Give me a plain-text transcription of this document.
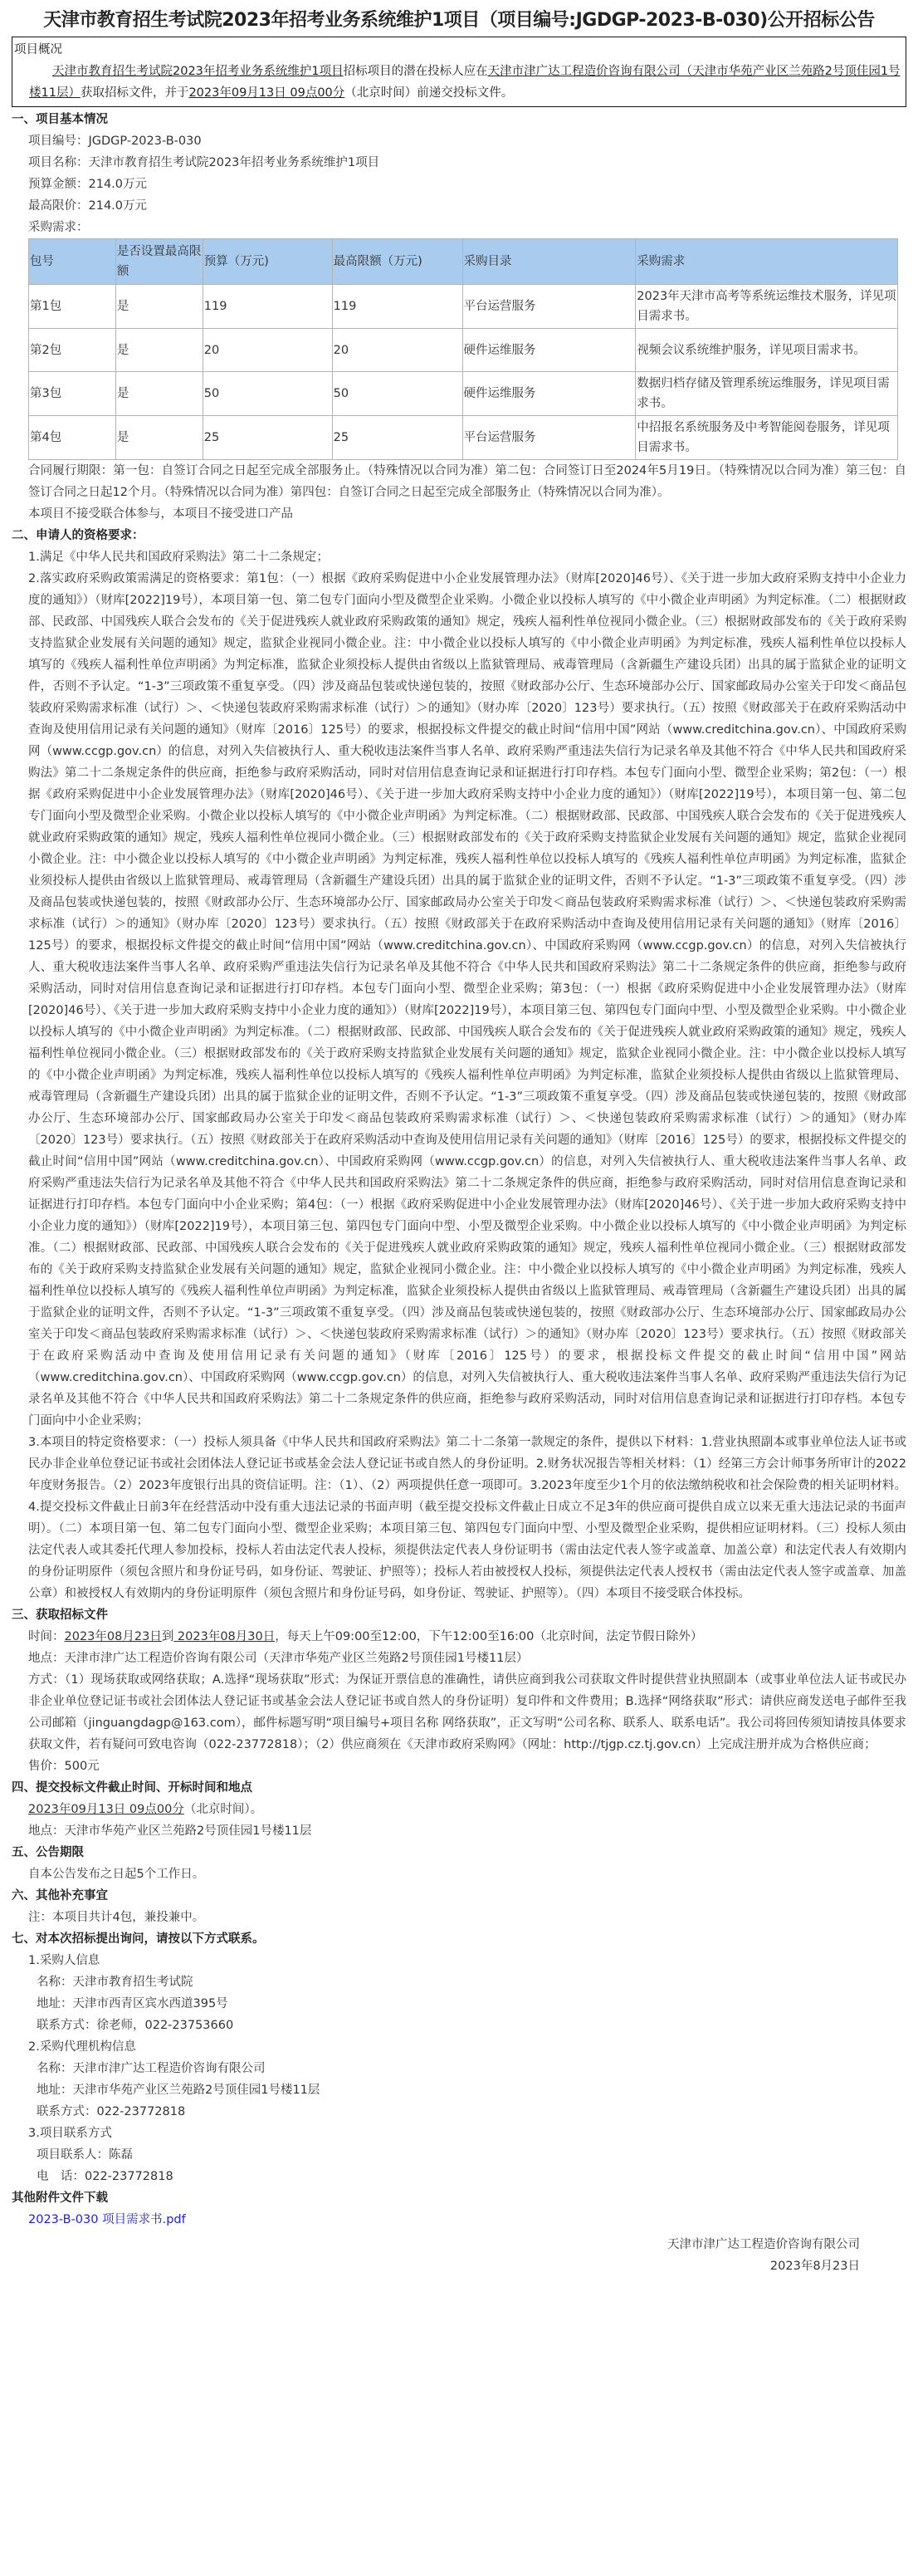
天津市教育招生考试院2023年招考业务系统维护1项目（项目编号:JGDGP-2023-B-030)公开招标公告
项目概况
天津市教育招生考试院2023年招考业务系统维护1项目招标项目的潜在投标人应在天津市津广达工程造价咨询有限公司（天津市华苑产业区兰苑路2号顶佳园1号楼11层）获取招标文件，并于2023年09月13日 09点00分（北京时间）前递交投标文件。
一、项目基本情况
项目编号：JGDGP-2023-B-030
项目名称：天津市教育招生考试院2023年招考业务系统维护1项目
预算金额：214.0万元
最高限价：214.0万元
采购需求：
包号	是否设置最高限额	预算（万元)	最高限额（万元)	采购目录	采购需求
第1包	是	119	119	平台运营服务	2023年天津市高考等系统运维技术服务，详见项目需求书。
第2包	是	20	20	硬件运维服务	视频会议系统维护服务，详见项目需求书。
第3包	是	50	50	硬件运维服务	数据归档存储及管理系统运维服务，详见项目需求书。
第4包	是	25	25	平台运营服务	中招报名系统服务及中考智能阅卷服务，详见项目需求书。
合同履行期限：第一包：自签订合同之日起至完成全部服务止。（特殊情况以合同为准）第二包：合同签订日至2024年5月19日。（特殊情况以合同为准）第三包：自签订合同之日起12个月。（特殊情况以合同为准）第四包：自签订合同之日起至完成全部服务止（特殊情况以合同为准）。
本项目不接受联合体参与，本项目不接受进口产品
二、申请人的资格要求：
1.满足《中华人民共和国政府采购法》第二十二条规定；
2.落实政府采购政策需满足的资格要求：第1包：（一）根据《政府采购促进中小企业发展管理办法》（财库[2020]46号）、《关于进一步加大政府采购支持中小企业力度的通知》）（财库[2022]19号），本项目第一包、第二包专门面向小型及微型企业采购。小微企业以投标人填写的《中小微企业声明函》为判定标准。（二）根据财政部、民政部、中国残疾人联合会发布的《关于促进残疾人就业政府采购政策的通知》规定，残疾人福利性单位视同小微企业。（三）根据财政部发布的《关于政府采购支持监狱企业发展有关问题的通知》规定，监狱企业视同小微企业。注：中小微企业以投标人填写的《中小微企业声明函》为判定标准，残疾人福利性单位以投标人填写的《残疾人福利性单位声明函》为判定标准，监狱企业须投标人提供由省级以上监狱管理局、戒毒管理局（含新疆生产建设兵团）出具的属于监狱企业的证明文件，否则不予认定。“1-3”三项政策不重复享受。（四）涉及商品包装或快递包装的，按照《财政部办公厅、生态环境部办公厅、国家邮政局办公室关于印发＜商品包装政府采购需求标准（试行）＞、＜快递包装政府采购需求标准（试行）＞的通知》（财办库〔2020〕123号）要求执行。（五）按照《财政部关于在政府采购活动中查询及使用信用记录有关问题的通知》（财库〔2016〕125号）的要求，根据投标文件提交的截止时间“信用中国”网站（www.creditchina.gov.cn）、中国政府采购网（www.ccgp.gov.cn）的信息，对列入失信被执行人、重大税收违法案件当事人名单、政府采购严重违法失信行为记录名单及其他不符合《中华人民共和国政府采购法》第二十二条规定条件的供应商，拒绝参与政府采购活动，同时对信用信息查询记录和证据进行打印存档。本包专门面向小型、微型企业采购；第2包：（一）根据《政府采购促进中小企业发展管理办法》（财库[2020]46号）、《关于进一步加大政府采购支持中小企业力度的通知》）（财库[2022]19号），本项目第一包、第二包专门面向小型及微型企业采购。小微企业以投标人填写的《中小微企业声明函》为判定标准。（二）根据财政部、民政部、中国残疾人联合会发布的《关于促进残疾人就业政府采购政策的通知》规定，残疾人福利性单位视同小微企业。（三）根据财政部发布的《关于政府采购支持监狱企业发展有关问题的通知》规定，监狱企业视同小微企业。注：中小微企业以投标人填写的《中小微企业声明函》为判定标准，残疾人福利性单位以投标人填写的《残疾人福利性单位声明函》为判定标准，监狱企业须投标人提供由省级以上监狱管理局、戒毒管理局（含新疆生产建设兵团）出具的属于监狱企业的证明文件，否则不予认定。“1-3”三项政策不重复享受。（四）涉及商品包装或快递包装的，按照《财政部办公厅、生态环境部办公厅、国家邮政局办公室关于印发＜商品包装政府采购需求标准（试行）＞、＜快递包装政府采购需求标准（试行）＞的通知》（财办库〔2020〕123号）要求执行。（五）按照《财政部关于在政府采购活动中查询及使用信用记录有关问题的通知》（财库〔2016〕125号）的要求，根据投标文件提交的截止时间“信用中国”网站（www.creditchina.gov.cn）、中国政府采购网（www.ccgp.gov.cn）的信息，对列入失信被执行人、重大税收违法案件当事人名单、政府采购严重违法失信行为记录名单及其他不符合《中华人民共和国政府采购法》第二十二条规定条件的供应商，拒绝参与政府采购活动，同时对信用信息查询记录和证据进行打印存档。本包专门面向小型、微型企业采购；第3包：（一）根据《政府采购促进中小企业发展管理办法》（财库[2020]46号）、《关于进一步加大政府采购支持中小企业力度的通知》）（财库[2022]19号），本项目第三包、第四包专门面向中型、小型及微型企业采购。中小微企业以投标人填写的《中小微企业声明函》为判定标准。（二）根据财政部、民政部、中国残疾人联合会发布的《关于促进残疾人就业政府采购政策的通知》规定，残疾人福利性单位视同小微企业。（三）根据财政部发布的《关于政府采购支持监狱企业发展有关问题的通知》规定，监狱企业视同小微企业。注：中小微企业以投标人填写的《中小微企业声明函》为判定标准，残疾人福利性单位以投标人填写的《残疾人福利性单位声明函》为判定标准，监狱企业须投标人提供由省级以上监狱管理局、戒毒管理局（含新疆生产建设兵团）出具的属于监狱企业的证明文件，否则不予认定。“1-3”三项政策不重复享受。（四）涉及商品包装或快递包装的，按照《财政部办公厅、生态环境部办公厅、国家邮政局办公室关于印发＜商品包装政府采购需求标准（试行）＞、＜快递包装政府采购需求标准（试行）＞的通知》（财办库〔2020〕123号）要求执行。（五）按照《财政部关于在政府采购活动中查询及使用信用记录有关问题的通知》（财库〔2016〕125号）的要求，根据投标文件提交的截止时间“信用中国”网站（www.creditchina.gov.cn）、中国政府采购网（www.ccgp.gov.cn）的信息，对列入失信被执行人、重大税收违法案件当事人名单、政府采购严重违法失信行为记录名单及其他不符合《中华人民共和国政府采购法》第二十二条规定条件的供应商，拒绝参与政府采购活动，同时对信用信息查询记录和证据进行打印存档。本包专门面向中小企业采购；第4包：（一）根据《政府采购促进中小企业发展管理办法》（财库[2020]46号）、《关于进一步加大政府采购支持中小企业力度的通知》）（财库[2022]19号），本项目第三包、第四包专门面向中型、小型及微型企业采购。中小微企业以投标人填写的《中小微企业声明函》为判定标准。（二）根据财政部、民政部、中国残疾人联合会发布的《关于促进残疾人就业政府采购政策的通知》规定，残疾人福利性单位视同小微企业。（三）根据财政部发布的《关于政府采购支持监狱企业发展有关问题的通知》规定，监狱企业视同小微企业。注：中小微企业以投标人填写的《中小微企业声明函》为判定标准，残疾人福利性单位以投标人填写的《残疾人福利性单位声明函》为判定标准，监狱企业须投标人提供由省级以上监狱管理局、戒毒管理局（含新疆生产建设兵团）出具的属于监狱企业的证明文件，否则不予认定。“1-3”三项政策不重复享受。（四）涉及商品包装或快递包装的，按照《财政部办公厅、生态环境部办公厅、国家邮政局办公室关于印发＜商品包装政府采购需求标准（试行）＞、＜快递包装政府采购需求标准（试行）＞的通知》（财办库〔2020〕123号）要求执行。（五）按照《财政部关于在政府采购活动中查询及使用信用记录有关问题的通知》（财库〔2016〕125号）的要求，根据投标文件提交的截止时间“信用中国”网站（www.creditchina.gov.cn）、中国政府采购网（www.ccgp.gov.cn）的信息，对列入失信被执行人、重大税收违法案件当事人名单、政府采购严重违法失信行为记录名单及其他不符合《中华人民共和国政府采购法》第二十二条规定条件的供应商，拒绝参与政府采购活动，同时对信用信息查询记录和证据进行打印存档。本包专门面向中小企业采购；
3.本项目的特定资格要求：（一）投标人须具备《中华人民共和国政府采购法》第二十二条第一款规定的条件，提供以下材料：1.营业执照副本或事业单位法人证书或民办非企业单位登记证书或社会团体法人登记证书或基金会法人登记证书或自然人的身份证明。2.财务状况报告等相关材料：（1）经第三方会计师事务所审计的2022年度财务报告。（2）2023年度银行出具的资信证明。注：（1）、（2）两项提供任意一项即可。3.2023年度至少1个月的依法缴纳税收和社会保险费的相关证明材料。4.提交投标文件截止日前3年在经营活动中没有重大违法记录的书面声明（截至提交投标文件截止日成立不足3年的供应商可提供自成立以来无重大违法记录的书面声明）。（二）本项目第一包、第二包专门面向小型、微型企业采购；本项目第三包、第四包专门面向中型、小型及微型企业采购，提供相应证明材料。（三）投标人须由法定代表人或其委托代理人参加投标，投标人若由法定代表人投标，须提供法定代表人身份证明书（需由法定代表人签字或盖章、加盖公章）和法定代表人有效期内的身份证明原件（须包含照片和身份证号码，如身份证、驾驶证、护照等）；投标人若由被授权人投标，须提供法定代表人授权书（需由法定代表人签字或盖章、加盖公章）和被授权人有效期内的身份证明原件（须包含照片和身份证号码，如身份证、驾驶证、护照等）。（四）本项目不接受联合体投标。
三、获取招标文件
时间：2023年08月23日到 2023年08月30日，每天上午09:00至12:00，下午12:00至16:00（北京时间，法定节假日除外）
地点：天津市津广达工程造价咨询有限公司（天津市华苑产业区兰苑路2号顶佳园1号楼11层）
方式：（1）现场获取或网络获取；A.选择“现场获取”形式：为保证开票信息的准确性，请供应商到我公司获取文件时提供营业执照副本（或事业单位法人证书或民办非企业单位登记证书或社会团体法人登记证书或基金会法人登记证书或自然人的身份证明）复印件和文件费用；B.选择“网络获取”形式：请供应商发送电子邮件至我公司邮箱（jinguangdagp@163.com），邮件标题写明“项目编号+项目名称 网络获取”，正文写明“公司名称、联系人、联系电话”。我公司将回传须知请按具体要求获取文件，若有疑问可致电咨询（022-23772818）；（2）供应商须在《天津市政府采购网》（网址：http://tjgp.cz.tj.gov.cn）上完成注册并成为合格供应商；
售价：500元
四、提交投标文件截止时间、开标时间和地点
2023年09月13日 09点00分（北京时间）。
地点：天津市华苑产业区兰苑路2号顶佳园1号楼11层
五、公告期限
自本公告发布之日起5个工作日。
六、其他补充事宜
注：本项目共计4包，兼投兼中。
七、对本次招标提出询问，请按以下方式联系。
1.采购人信息
名称：天津市教育招生考试院
地址：天津市西青区宾水西道395号
联系方式：徐老师，022-23753660
2.采购代理机构信息
名称：天津市津广达工程造价咨询有限公司
地址：天津市华苑产业区兰苑路2号顶佳园1号楼11层
联系方式：022-23772818
3.项目联系方式
项目联系人：陈磊
电　话：022-23772818
其他附件文件下载
2023-B-030 项目需求书.pdf
天津市津广达工程造价咨询有限公司
2023年8月23日
